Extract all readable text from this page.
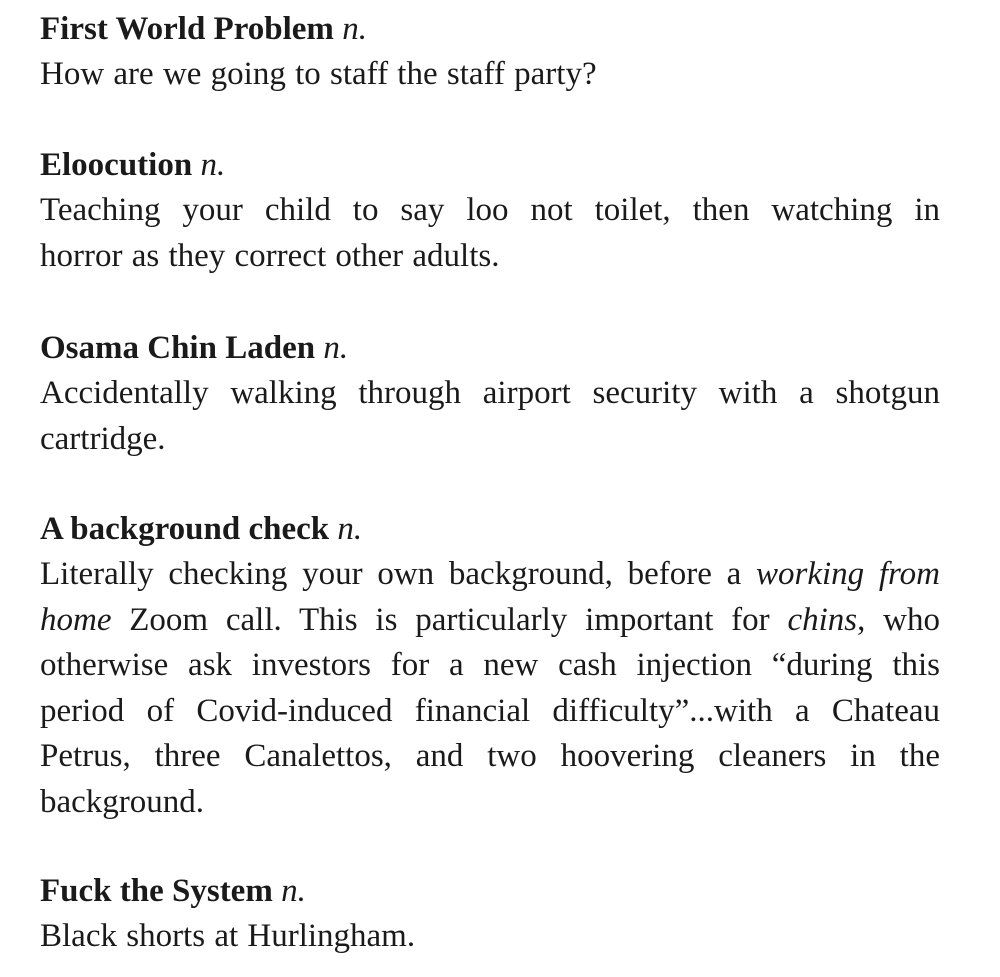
First World Problem n.
How are we going to staff the staff party?
Eloocution n.
Teaching your child to say loo not toilet, then watching in
horror as they correct other adults.
Osama Chin Laden n.
Accidentally walking through airport security with a shotgun
cartridge.
A background check n.
Literally checking your own background, before a working from
home Zoom call. This is particularly important for chins, who
otherwise ask investors for a new cash injection “during this
period of Covid-induced financial difficulty”...with a Chateau
Petrus, three Canalettos, and two hoovering cleaners in the
background.
Fuck the System n.
Black shorts at Hurlingham.
